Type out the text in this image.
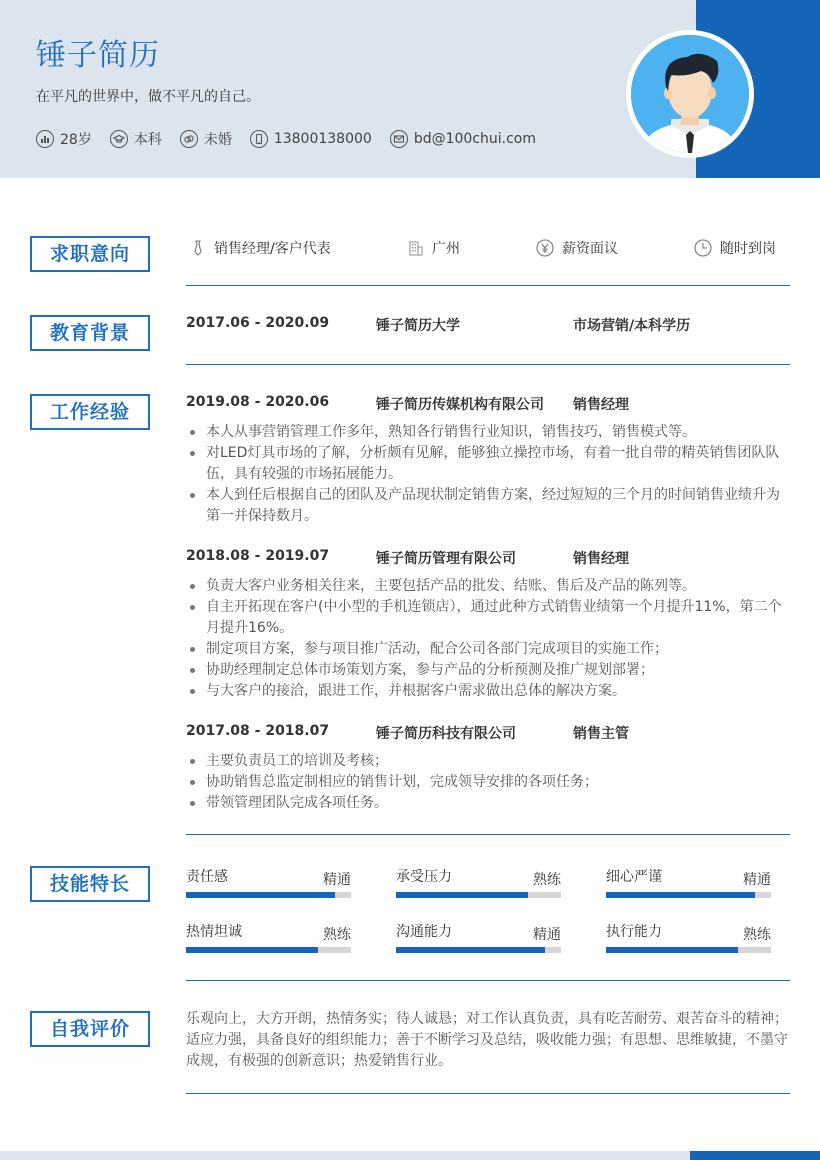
锤子简历
在平凡的世界中，做不平凡的自己。
28岁	本科	未婚	13800138000	bd@100chui.com
求职意向	销售经理/客户代表	广州	薪资面议	随时到岗
教育背景	2017.06 - 2020.09	锤子简历大学	市场营销/本科学历
工作经验	2019.08 - 2020.06	锤子简历传媒机构有限公司 销售经理
本人从事营销管理工作多年，熟知各行销售行业知识，销售技巧，销售模式等。
对LED灯具市场的了解，分析颇有见解，能够独立操控市场，有着一批自带的精英销售团队队伍，具有较强的市场拓展能力。
本人到任后根据自己的团队及产品现状制定销售方案，经过短短的三个月的时间销售业绩升为第一并保持数月。
2018.08 - 2019.07	锤子简历管理有限公司	销售经理
负责大客户业务相关往来，主要包括产品的批发、结账、售后及产品的陈列等。
自主开拓现在客户(中小型的手机连锁店），通过此种方式销售业绩第一个月提升11%，第二个月提升16%。
制定项目方案，参与项目推广活动，配合公司各部门完成项目的实施工作；
协助经理制定总体市场策划方案，参与产品的分析预测及推广规划部署；
与大客户的接洽，跟进工作，并根据客户需求做出总体的解决方案。
2017.08 - 2018.07	锤子简历科技有限公司	销售主管
主要负责员工的培训及考核；
协助销售总监定制相应的销售计划，完成领导安排的各项任务；
带领管理团队完成各项任务。
技能特长	责任感	精通	承受压力	熟练	细心严谨	精通
热情坦诚	熟练	沟通能力	精通	执行能力	熟练
自我评价	乐观向上，大方开朗，热情务实；待人诚恳；对工作认真负责，具有吃苦耐劳、艰苦奋斗的精神；适应力强，具备良好的组织能力；善于不断学习及总结，吸收能力强；有思想、思维敏捷，不墨守成规，有极强的创新意识；热爱销售行业。
